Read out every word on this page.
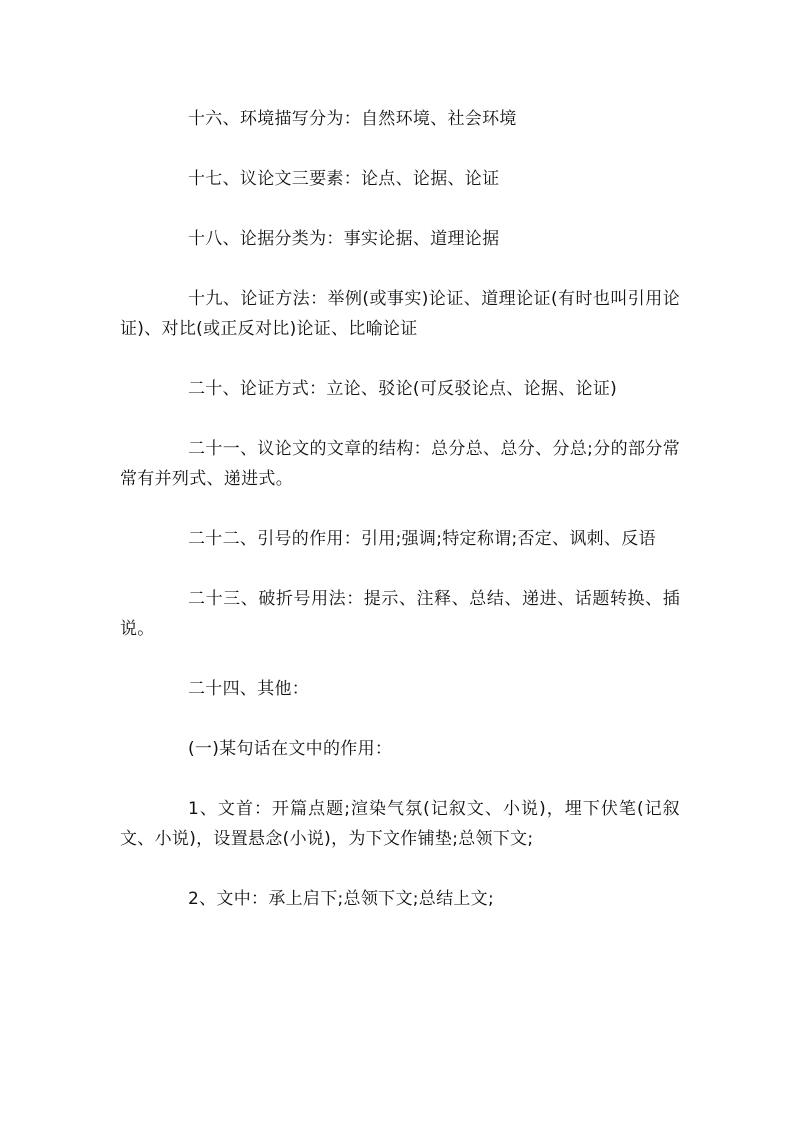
十六、环境描写分为：自然环境、社会环境

十七、议论文三要素：论点、论据、论证

十八、论据分类为：事实论据、道理论据

十九、论证方法：举例(或事实)论证、道理论证(有时也叫引用论证)、对比(或正反对比)论证、比喻论证

二十、论证方式：立论、驳论(可反驳论点、论据、论证)

二十一、议论文的文章的结构：总分总、总分、分总;分的部分常常有并列式、递进式。

二十二、引号的作用：引用;强调;特定称谓;否定、讽刺、反语

二十三、破折号用法：提示、注释、总结、递进、话题转换、插说。

二十四、其他：

(一)某句话在文中的作用：

1、文首：开篇点题;渲染气氛(记叙文、小说)，埋下伏笔(记叙文、小说)，设置悬念(小说)，为下文作铺垫;总领下文;

2、文中：承上启下;总领下文;总结上文;
